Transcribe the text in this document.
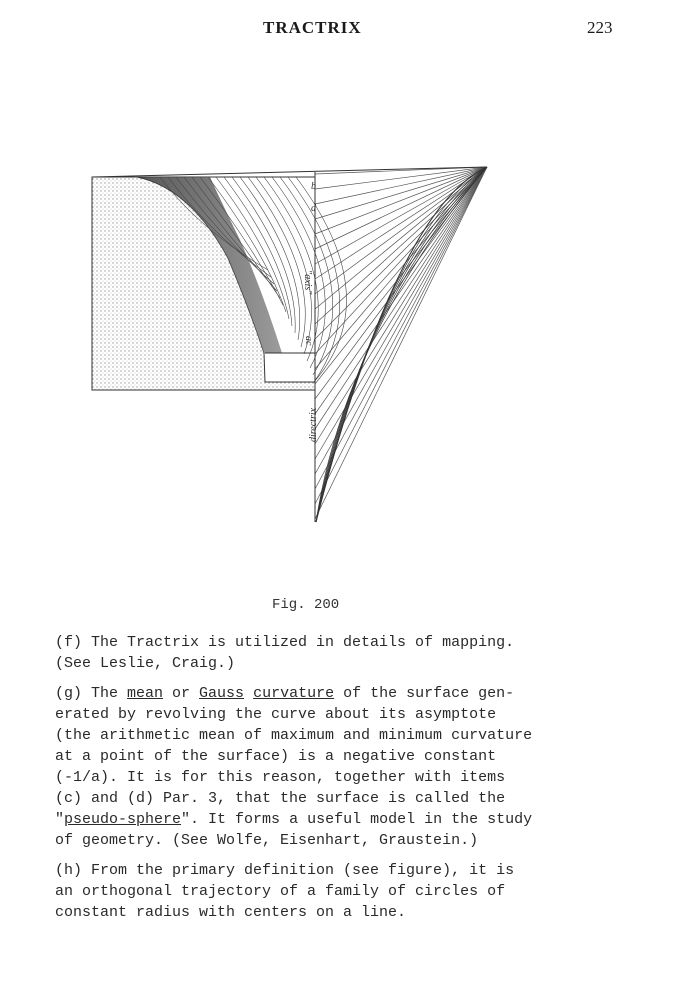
TRACTRIX	223
b
d
"axis"
ac
directrix
Fig. 200
(f) The Tractrix is utilized in details of mapping.
(See Leslie, Craig.)
(g) The mean or Gauss curvature of the surface gen-
erated by revolving the curve about its asymptote
(the arithmetic mean of maximum and minimum curvature
at a point of the surface) is a negative constant
(-1/a). It is for this reason, together with items
(c) and (d) Par. 3, that the surface is called the
"pseudo-sphere". It forms a useful model in the study
of geometry. (See Wolfe, Eisenhart, Graustein.)
(h) From the primary definition (see figure), it is
an orthogonal trajectory of a family of circles of
constant radius with centers on a line.
